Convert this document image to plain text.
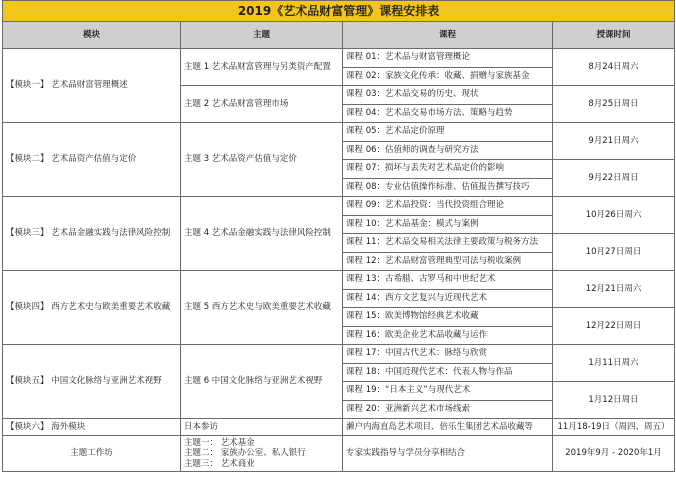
2019《艺术品财富管理》课程安排表			
模块	主题	课程	授课时间
【模块一】 艺术品财富管理概述	主题 1 艺术品财富管理与另类资产配置	课程 01：艺术品与财富管理概论	8月24日周六
		课程 02：家族文化传承：收藏、捐赠与家族基金	
	主题 2 艺术品财富管理市场	课程 03：艺术品交易的历史、现状	8月25日周日
		课程 04：艺术品交易市场方法、策略与趋势	
【模块二】 艺术品资产估值与定价	主题 3 艺术品资产估值与定价	课程 05：艺术品定价原理	9月21日周六
		课程 06：估值师的调查与研究方法	
		课程 07：损坏与丢失对艺术品定价的影响	9月22日周日
		课程 08：专业估值操作标准、估值报告撰写技巧	
【模块三】 艺术品金融实践与法律风险控制	主题 4 艺术品金融实践与法律风险控制	课程 09：艺术品投资：当代投资组合理论	10月26日周六
		课程 10：艺术品基金：模式与案例	
		课程 11：艺术品交易相关法律主要政策与税务方法	10月27日周日
		课程 12：艺术品财富管理典型司法与税收案例	
【模块四】 西方艺术史与欧美重要艺术收藏	主题 5 西方艺术史与欧美重要艺术收藏	课程 13：古希腊、古罗马和中世纪艺术	12月21日周六
		课程 14：西方文艺复兴与近现代艺术	
		课程 15：欧美博物馆经典艺术收藏	12月22日周日
		课程 16：欧美企业艺术品收藏与运作	
【模块五】 中国文化脉络与亚洲艺术视野	主题 6 中国文化脉络与亚洲艺术视野	课程 17：中国古代艺术：脉络与欣赏	1月11日周六
		课程 18：中国近现代艺术：代表人物与作品	
		课程 19：“日本主义”与现代艺术	1月12日周日
		课程 20：亚洲新兴艺术市场线索	
【模块六】 海外模块	日本参访	濑户内海直岛艺术项目、倍乐生集团艺术品收藏等	11月18-19日（周四、周五）
主题工作坊	主题一： 艺术基金
主题二： 家族办公室、私人银行
主题三： 艺术商业	专家实践指导与学员分享相结合	2019年9月 - 2020年1月
